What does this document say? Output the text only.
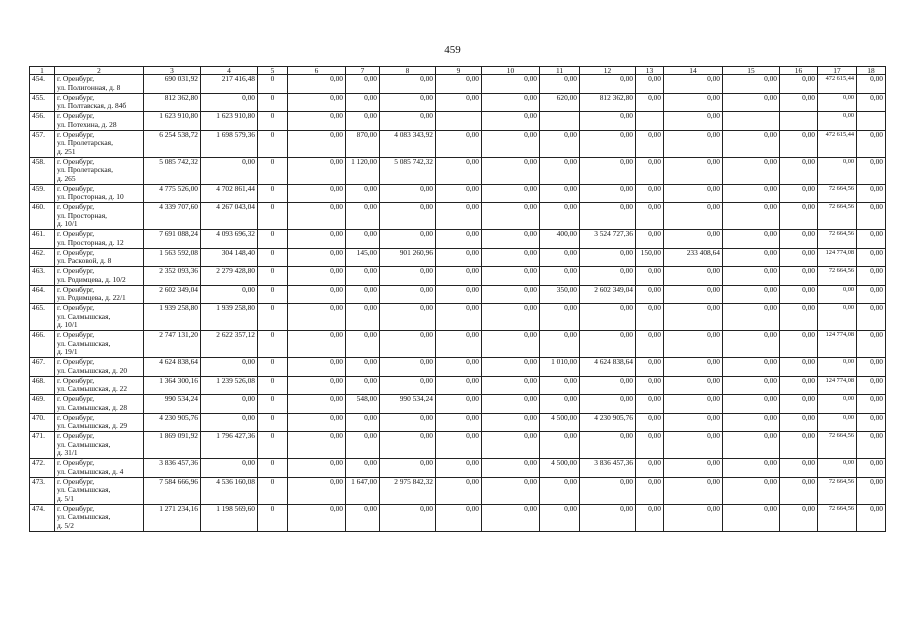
459
1	2	3	4	5	6	7	8	9	10	11	12	13	14	15	16	17	18
454.	г. Оренбург,
ул. Полигонная, д. 8	690 031,92	217 416,48	0	0,00	0,00	0,00	0,00	0,00	0,00	0,00	0,00	0,00	0,00	0,00	472 615,44	0,00
455.	г. Оренбург,
ул. Полтавская, д. 84б	812 362,80	0,00	0	0,00	0,00	0,00	0,00	0,00	620,00	812 362,80	0,00	0,00	0,00	0,00	0,00	0,00
456.	г. Оренбург,
ул. Потехина, д. 28	1 623 910,80	1 623 910,80	0	0,00	0,00	0,00		0,00		0,00		0,00			0,00	
457.	г. Оренбург,
ул. Пролетарская,
д. 251	6 254 538,72	1 698 579,36	0	0,00	870,00	4 083 343,92	0,00	0,00	0,00	0,00	0,00	0,00	0,00	0,00	472 615,44	0,00
458.	г. Оренбург,
ул. Пролетарская,
д. 265	5 085 742,32	0,00	0	0,00	1 120,00	5 085 742,32	0,00	0,00	0,00	0,00	0,00	0,00	0,00	0,00	0,00	0,00
459.	г. Оренбург,
ул. Просторная, д. 10	4 775 526,00	4 702 861,44	0	0,00	0,00	0,00	0,00	0,00	0,00	0,00	0,00	0,00	0,00	0,00	72 664,56	0,00
460.	г. Оренбург,
ул. Просторная,
д. 10/1	4 339 707,60	4 267 043,04	0	0,00	0,00	0,00	0,00	0,00	0,00	0,00	0,00	0,00	0,00	0,00	72 664,56	0,00
461.	г. Оренбург,
ул. Просторная, д. 12	7 691 088,24	4 093 696,32	0	0,00	0,00	0,00	0,00	0,00	400,00	3 524 727,36	0,00	0,00	0,00	0,00	72 664,56	0,00
462.	г. Оренбург,
ул. Расковой, д. 8	1 563 592,08	304 148,40	0	0,00	145,00	901 260,96	0,00	0,00	0,00	0,00	150,00	233 408,64	0,00	0,00	124 774,08	0,00
463.	г. Оренбург,
ул. Родимцева, д. 10/2	2 352 093,36	2 279 428,80	0	0,00	0,00	0,00	0,00	0,00	0,00	0,00	0,00	0,00	0,00	0,00	72 664,56	0,00
464.	г. Оренбург,
ул. Родимцева, д. 22/1	2 602 349,04	0,00	0	0,00	0,00	0,00	0,00	0,00	350,00	2 602 349,04	0,00	0,00	0,00	0,00	0,00	0,00
465.	г. Оренбург,
ул. Салмышская,
д. 10/1	1 939 258,80	1 939 258,80	0	0,00	0,00	0,00	0,00	0,00	0,00	0,00	0,00	0,00	0,00	0,00	0,00	0,00
466.	г. Оренбург,
ул. Салмышская,
д. 19/1	2 747 131,20	2 622 357,12	0	0,00	0,00	0,00	0,00	0,00	0,00	0,00	0,00	0,00	0,00	0,00	124 774,08	0,00
467.	г. Оренбург,
ул. Салмышская, д. 20	4 624 838,64	0,00	0	0,00	0,00	0,00	0,00	0,00	1 010,00	4 624 838,64	0,00	0,00	0,00	0,00	0,00	0,00
468.	г. Оренбург,
ул. Салмышская, д. 22	1 364 300,16	1 239 526,08	0	0,00	0,00	0,00	0,00	0,00	0,00	0,00	0,00	0,00	0,00	0,00	124 774,08	0,00
469.	г. Оренбург,
ул. Салмышская, д. 28	990 534,24	0,00	0	0,00	548,00	990 534,24	0,00	0,00	0,00	0,00	0,00	0,00	0,00	0,00	0,00	0,00
470.	г. Оренбург,
ул. Салмышская, д. 29	4 230 905,76	0,00	0	0,00	0,00	0,00	0,00	0,00	4 500,00	4 230 905,76	0,00	0,00	0,00	0,00	0,00	0,00
471.	г. Оренбург,
ул. Салмышская,
д. 31/1	1 869 091,92	1 796 427,36	0	0,00	0,00	0,00	0,00	0,00	0,00	0,00	0,00	0,00	0,00	0,00	72 664,56	0,00
472.	г. Оренбург,
ул. Салмышская, д. 4	3 836 457,36	0,00	0	0,00	0,00	0,00	0,00	0,00	4 500,00	3 836 457,36	0,00	0,00	0,00	0,00	0,00	0,00
473.	г. Оренбург,
ул. Салмышская,
д. 5/1	7 584 666,96	4 536 160,08	0	0,00	1 647,00	2 975 842,32	0,00	0,00	0,00	0,00	0,00	0,00	0,00	0,00	72 664,56	0,00
474.	г. Оренбург,
ул. Салмышская,
д. 5/2	1 271 234,16	1 198 569,60	0	0,00	0,00	0,00	0,00	0,00	0,00	0,00	0,00	0,00	0,00	0,00	72 664,56	0,00
